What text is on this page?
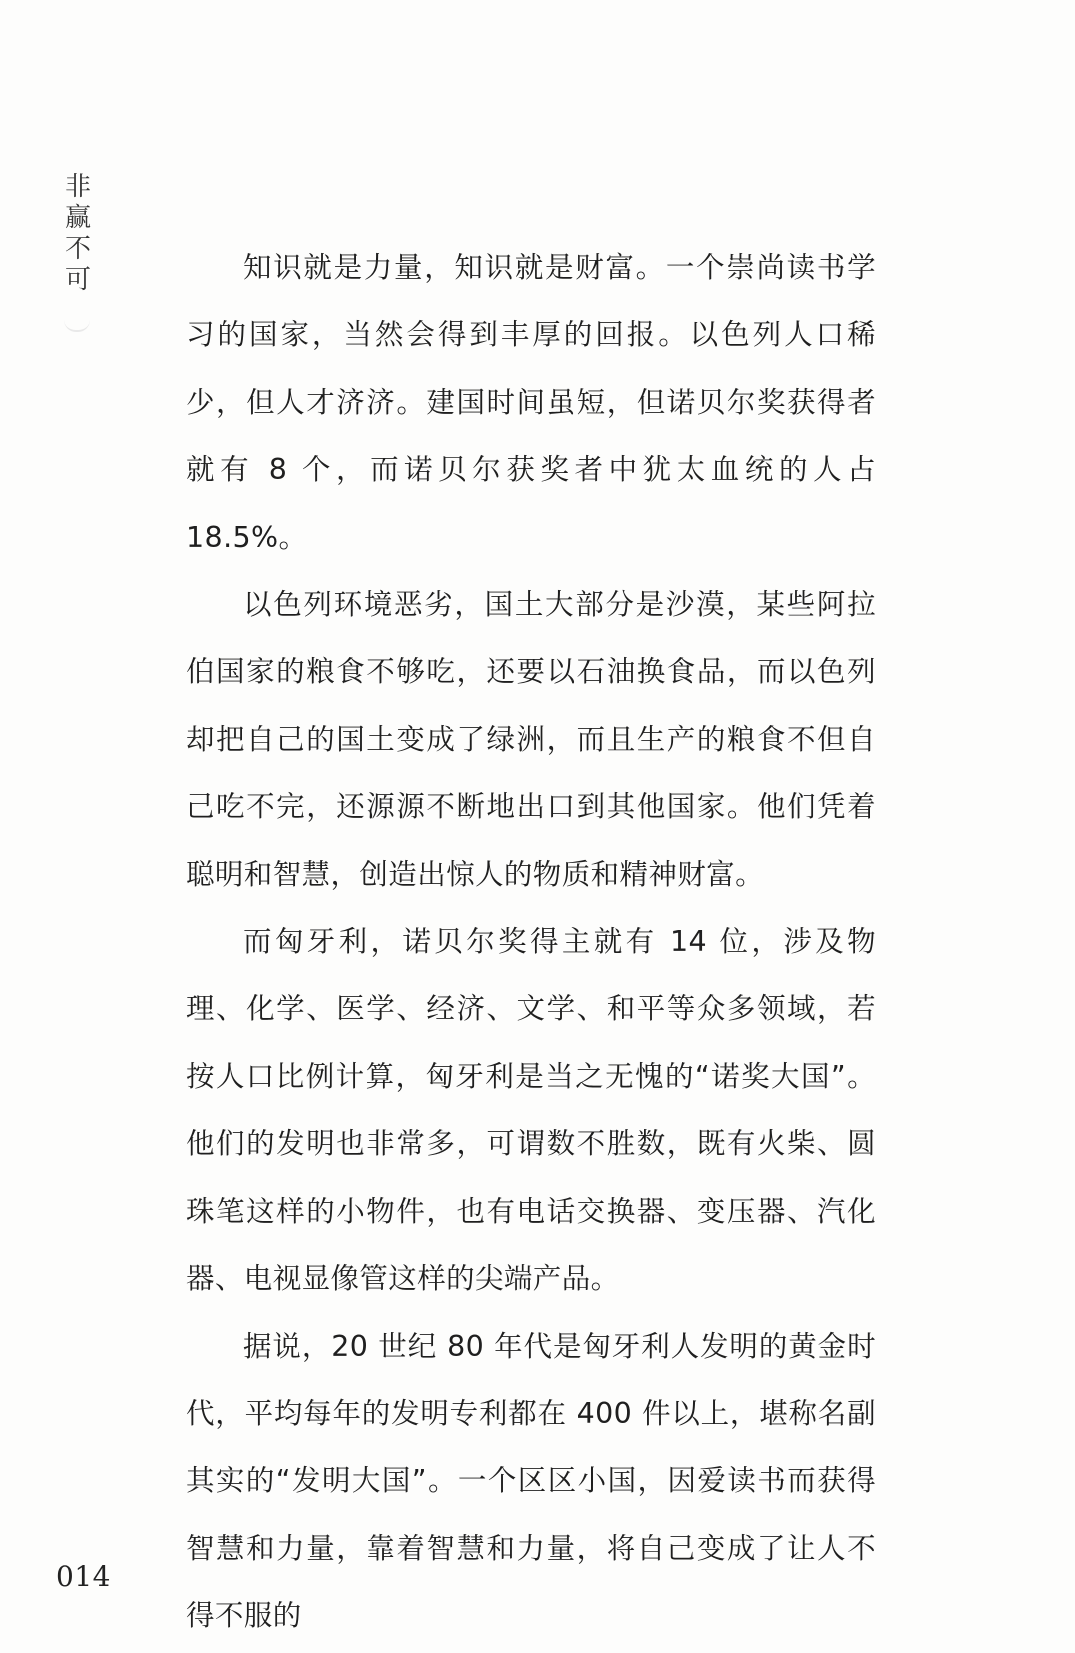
非
赢
不
可	知识就是力量，知识就是财富。一个崇尚读书学习的国家，当然会得到丰厚的回报。以色列人口稀少，但人才济济。建国时间虽短，但诺贝尔奖获得者就有 8 个，而诺贝尔获奖者中犹太血统的人占 18.5%。

以色列环境恶劣，国土大部分是沙漠，某些阿拉伯国家的粮食不够吃，还要以石油换食品，而以色列却把自己的国土变成了绿洲，而且生产的粮食不但自己吃不完，还源源不断地出口到其他国家。他们凭着聪明和智慧，创造出惊人的物质和精神财富。

而匈牙利，诺贝尔奖得主就有 14 位，涉及物理、化学、医学、经济、文学、和平等众多领域，若按人口比例计算，匈牙利是当之无愧的“诺奖大国”。他们的发明也非常多，可谓数不胜数，既有火柴、圆珠笔这样的小物件，也有电话交换器、变压器、汽化器、电视显像管这样的尖端产品。

据说，20 世纪 80 年代是匈牙利人发明的黄金时代，平均每年的发明专利都在 400 件以上，堪称名副其实的“发明大国”。一个区区小国，因爱读书而获得智慧和力量，靠着智慧和力量，将自己变成了让人不得不服的

014
